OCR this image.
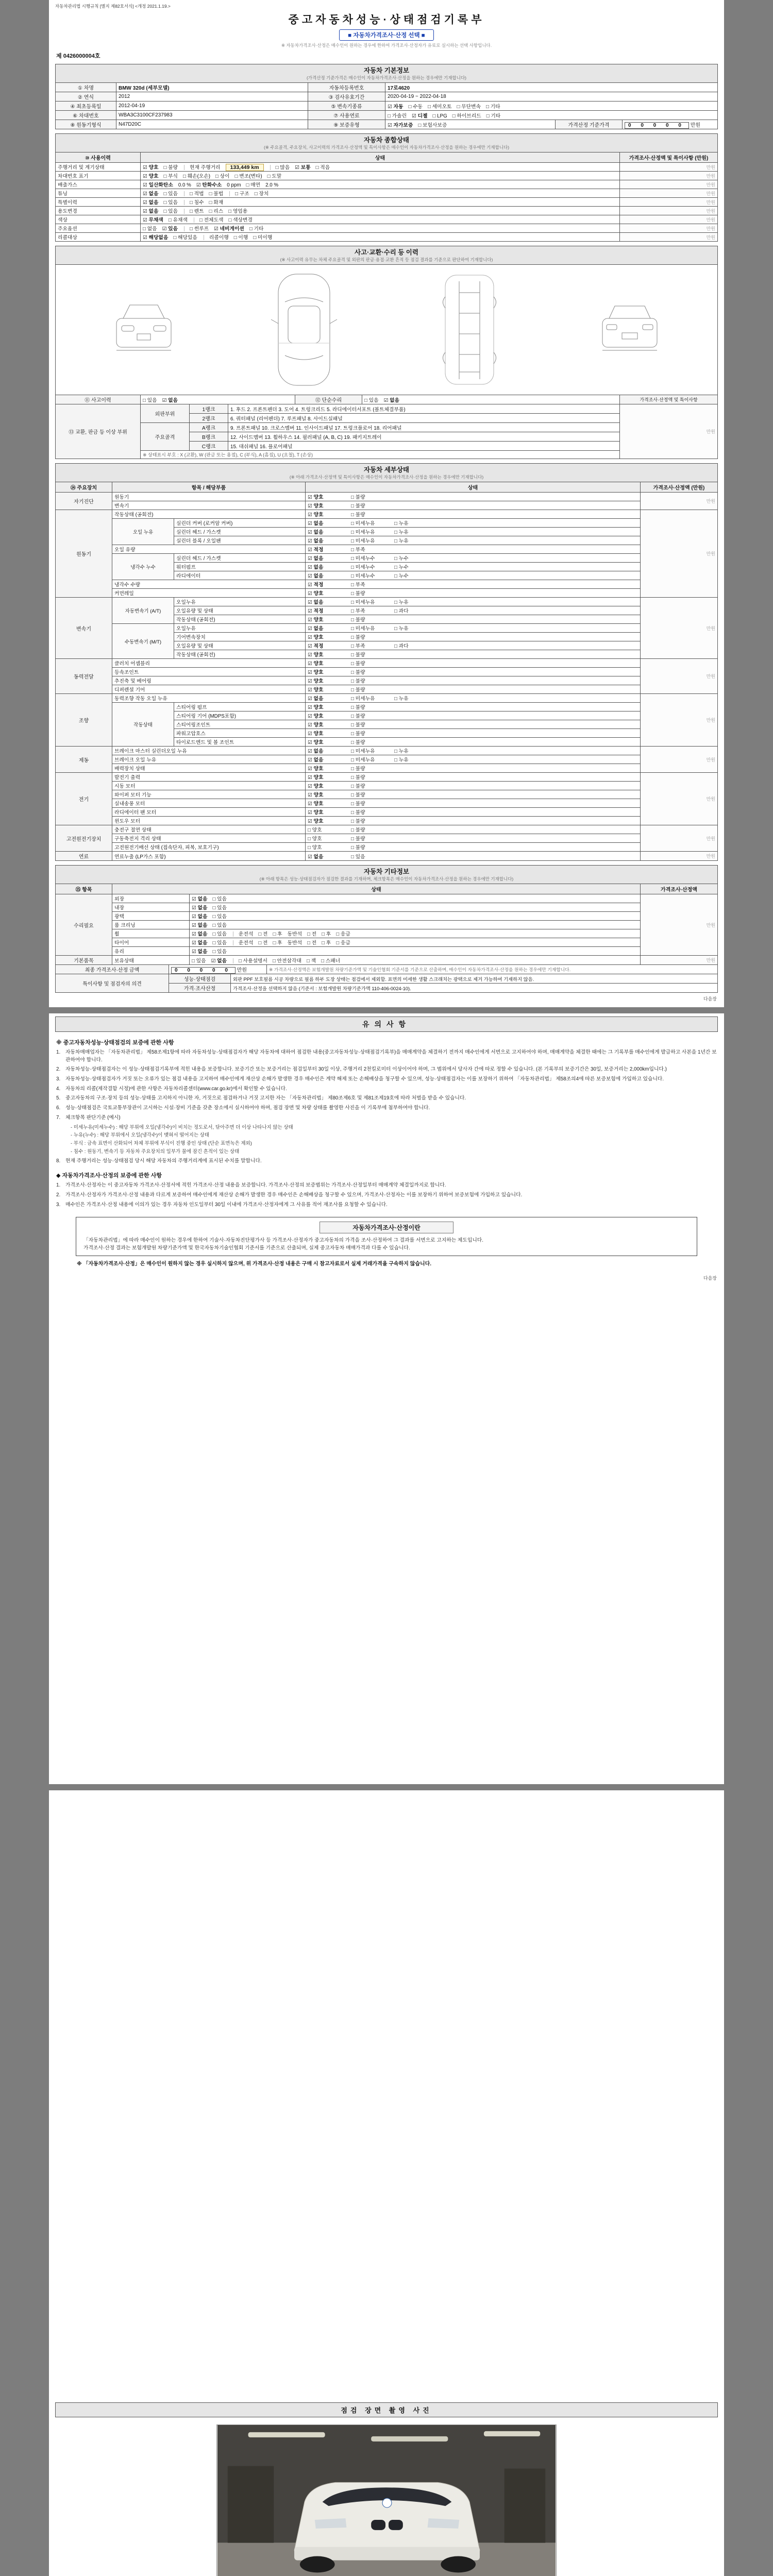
자동차관리법 시행규칙 [별지 제82호서식] <개정 2021.1.19.>
중고자동차성능·상태점검기록부
■ 자동차가격조사·산정 선택 ■
※ 자동차가격조사·산정은 매수인이 원하는 경우에 한하여 가격조사·산정자가 유료로 실시하는 선택 사항입니다.
제 0426000004호
자동차 기본정보
(가격산정 기준가격은 매수인이 자동차가격조사·산정을 원하는 경우에만 기재합니다)
① 차명	BMW 320d (세부모델)	자동차등록번호	17로4620		
② 연식	2012	③ 검사유효기간	2020-04-19 ~ 2022-04-18		
④ 최초등록일	2012-04-19	⑤ 변속기종류	☑ 자동 □ 수동 □ 세미오토 □ 무단변속 □ 기타		
⑥ 차대번호	WBA3C3100CF237983	⑦ 사용연료	□ 가솔린 ☑ 디젤 □ LPG □ 하이브리드 □ 기타		
⑧ 원동기형식	N47D20C	⑨ 보증유형	☑ 자가보증 □ 보험사보증	가격산정 기준가격	0 0 0 0 0 만원
자동차 종합상태
(※ 주요골격, 주요장치, 사고이력의 가격조사·산정액 및 특이사항은 매수인이 자동차가격조사·산정을 원하는 경우에만 기재합니다)
⑩ 사용이력	상태	가격조사·산정액 및 특이사항 (만원)
주행거리 및 계기상태	☑ 양호 □ 불량 현재 주행거리 133,449 km □ 많음 ☑ 보통 □ 적음	만원
차대번호 표기	☑ 양호 □ 부식 □ 훼손(오손) □ 상이 □ 변조(변타) □ 도말	만원
배출가스	☑ 일산화탄소 0.0 % ☑ 탄화수소 0 ppm □ 매연 2.0 %	만원
튜닝	☑ 없음 □ 있음 □ 적법 □ 불법 □ 구조 □ 장치	만원
특별이력	☑ 없음 □ 있음 □ 침수 □ 화재	만원
용도변경	☑ 없음 □ 있음 □ 렌트 □ 리스 □ 영업용	만원
색상	☑ 무채색 □ 유채색 □ 전체도색 □ 색상변경	만원
주요옵션	□ 없음 ☑ 있음 □ 썬루프 ☑ 네비게이션 □ 기타	만원
리콜대상	☑ 해당없음 □ 해당있음 리콜이행 □ 이행 □ 미이행	만원
사고·교환·수리 등 이력
(※ 사고이력 유무는 차체 주요골격 및 외판의 판금·용접·교환 흔적 등 점검 결과를 기준으로 판단하여 기재합니다)
⑪ 사고이력	□ 있음 ☑ 없음	⑫ 단순수리	□ 있음 ☑ 없음	가격조사·산정액 및 특이사항
⑬ 교환, 판금 등 이상 부위	외판부위	1랭크	1. 후드 2. 프론트펜더 3. 도어 4. 트렁크리드 5. 라디에이터서포트 (볼트체결부품)	만원
		2랭크	6. 쿼터패널 (리어펜더) 7. 루프패널 8. 사이드실패널	
	주요골격	A랭크	9. 프론트패널 10. 크로스멤버 11. 인사이드패널 17. 트렁크플로어 18. 리어패널	
		B랭크	12. 사이드멤버 13. 휠하우스 14. 필러패널 (A, B, C) 19. 패키지트레이	
		C랭크	15. 대쉬패널 16. 플로어패널	
	※ 상태표시 부호 : X (교환), W (판금 또는 용접), C (부식), A (흠집), U (요철), T (손상)			
자동차 세부상태
(※ 아래 가격조사·산정액 및 특이사항은 매수인이 자동차가격조사·산정을 원하는 경우에만 기재합니다)
⑭ 주요장치	항목 / 해당부품		상태	가격조사·산정액 (만원)
자기진단	원동기		☑ 양호 □ 불량	만원
	변속기		☑ 양호 □ 불량	
원동기	작동상태 (공회전)		☑ 양호 □ 불량	만원
	오일 누유	실린더 커버 (로커암 커버)	☑ 없음 □ 미세누유 □ 누유	
		실린더 헤드 / 가스켓	☑ 없음 □ 미세누유 □ 누유	
		실린더 블록 / 오일팬	☑ 없음 □ 미세누유 □ 누유	
	오일 유량		☑ 적정 □ 부족	
	냉각수 누수	실린더 헤드 / 가스켓	☑ 없음 □ 미세누수 □ 누수	
		워터펌프	☑ 없음 □ 미세누수 □ 누수	
		라디에이터	☑ 없음 □ 미세누수 □ 누수	
	냉각수 수량		☑ 적정 □ 부족	
	커먼레일		☑ 양호 □ 불량	
변속기	자동변속기 (A/T)	오일누유	☑ 없음 □ 미세누유 □ 누유	만원
		오일유량 및 상태	☑ 적정 □ 부족 □ 과다	
		작동상태 (공회전)	☑ 양호 □ 불량	
	수동변속기 (M/T)	오일누유	☑ 없음 □ 미세누유 □ 누유	
		기어변속장치	☑ 양호 □ 불량	
		오일유량 및 상태	☑ 적정 □ 부족 □ 과다	
		작동상태 (공회전)	☑ 양호 □ 불량	
동력전달	클러치 어셈블리		☑ 양호 □ 불량	만원
	등속조인트		☑ 양호 □ 불량	
	추진축 및 베어링		☑ 양호 □ 불량	
	디퍼렌셜 기어		☑ 양호 □ 불량	
조향	동력조향 작동 오일 누유		☑ 없음 □ 미세누유 □ 누유	만원
	작동상태	스티어링 펌프	☑ 양호 □ 불량	
		스티어링 기어 (MDPS포함)	☑ 양호 □ 불량	
		스티어링조인트	☑ 양호 □ 불량	
		파워고압호스	☑ 양호 □ 불량	
		타이로드엔드 및 볼 조인트	☑ 양호 □ 불량	
제동	브레이크 마스터 실린더오일 누유		☑ 없음 □ 미세누유 □ 누유	만원
	브레이크 오일 누유		☑ 없음 □ 미세누유 □ 누유	
	배력장치 상태		☑ 양호 □ 불량	
전기	발전기 출력		☑ 양호 □ 불량	만원
	시동 모터		☑ 양호 □ 불량	
	와이퍼 모터 기능		☑ 양호 □ 불량	
	실내송풍 모터		☑ 양호 □ 불량	
	라디에이터 팬 모터		☑ 양호 □ 불량	
	윈도우 모터		☑ 양호 □ 불량	
고전원전기장치	충전구 절연 상태		□ 양호 □ 불량	만원
	구동축전지 격리 상태		□ 양호 □ 불량	
	고전원전기배선 상태 (접속단자, 피복, 보호기구)		□ 양호 □ 불량	
연료	연료누출 (LP가스 포함)		☑ 없음 □ 있음	만원
자동차 기타정보
(※ 아래 항목은 성능·상태점검자가 점검한 결과를 기재하며, 체크항목은 매수인이 자동차가격조사·산정을 원하는 경우에만 기재합니다)
⑮ 항목	상태		가격조사·산정액
수리필요	외장	☑ 없음 □ 있음	만원
	내장	☑ 없음 □ 있음	
	광택	☑ 없음 □ 있음	
	룸 크리닝	☑ 없음 □ 있음	
	휠	☑ 없음 □ 있음 운전석 □ 전 □ 후 동반석 □ 전 □ 후 □ 응급	
	타이어	☑ 없음 □ 있음 운전석 □ 전 □ 후 동반석 □ 전 □ 후 □ 응급	
	유리	☑ 없음 □ 있음	
기본품목	보유상태	□ 있음 ☑ 없음 □ 사용설명서 □ 안전삼각대 □ 잭 □ 스패너	만원
최종 가격조사·산정 금액	0 0 0 0 0 만원	※ 가격조사·산정액은 보험개발원 차량기준가액 및 기술인협회 기준서를 기준으로 산출하며, 매수인이 자동차가격조사·산정을 원하는 경우에만 기재합니다.
특이사항 및 점검자의 의견	성능·상태점검	외판 PPF 보호필름 시공 차량으로 필름 하부 도장 상태는 점검에서 제외함. 표면의 미세한 생활 스크래치는 광택으로 제거 가능하여 기재하지 않음.
	가격·조사산정	가격조사·산정을 선택하지 않음 (기준서 : 보험개발원 차량기준가액 110-406-0024-10).
다음장
유의사항
※ 중고자동차성능·상태점검의 보증에 관한 사항
1.	자동차매매업자는 「자동차관리법」 제58조제1항에 따라 자동차성능·상태점검자가 해당 자동차에 대하여 점검한 내용(중고자동차성능·상태점검기록부)을 매매계약을 체결하기 전까지 매수인에게 서면으로 고지하여야 하며, 매매계약을 체결한 때에는 그 기록부를 매수인에게 발급하고 사본을 1년간 보관하여야 합니다.
2.	자동차성능·상태점검자는 이 성능·상태점검기록부에 적힌 내용을 보증합니다. 보증기간 또는 보증거리는 점검일부터 30일 이상, 주행거리 2천킬로미터 이상이어야 하며, 그 범위에서 당사자 간에 따로 정할 수 있습니다. (본 기록부의 보증기간은 30일, 보증거리는 2,000km입니다.)
3.	자동차성능·상태점검자가 거짓 또는 오류가 있는 점검 내용을 고지하여 매수인에게 재산상 손해가 발생한 경우 매수인은 계약 해제 또는 손해배상을 청구할 수 있으며, 성능·상태점검자는 이를 보장하기 위하여 「자동차관리법」 제58조의4에 따른 보증보험에 가입하고 있습니다.
4.	자동차의 리콜(제작결함 시정)에 관한 사항은 자동차리콜센터(www.car.go.kr)에서 확인할 수 있습니다.
5.	중고자동차의 구조·장치 등의 성능·상태를 고지하지 아니한 자, 거짓으로 점검하거나 거짓 고지한 자는 「자동차관리법」 제80조제6호 및 제81조제19호에 따라 처벌을 받을 수 있습니다.
6.	성능·상태점검은 국토교통부장관이 고시하는 시설·장비 기준을 갖춘 장소에서 실시하여야 하며, 점검 장면 및 차량 상태를 촬영한 사진을 이 기록부에 첨부하여야 합니다.
7.	체크항목 판단기준 (예시)
- 미세누유(미세누수) : 해당 부위에 오일(냉각수)이 비치는 정도로서, 닦아주면 더 이상 나타나지 않는 상태
- 누유(누수) : 해당 부위에서 오일(냉각수)이 맺혀서 떨어지는 상태
- 부식 : 금속 표면이 산화되어 차체 부위에 부식이 진행 중인 상태 (단순 표면녹은 제외)
- 침수 : 원동기, 변속기 등 자동차 주요장치의 일부가 물에 잠긴 흔적이 있는 상태
8.	현재 주행거리는 성능·상태점검 당시 해당 자동차의 주행거리계에 표시된 수치를 말합니다.
◆ 자동차가격조사·산정의 보증에 관한 사항
1.	가격조사·산정자는 이 중고자동차 가격조사·산정서에 적힌 가격조사·산정 내용을 보증합니다. 가격조사·산정의 보증범위는 가격조사·산정일부터 매매계약 체결일까지로 합니다.
2.	가격조사·산정자가 가격조사·산정 내용과 다르게 보증하여 매수인에게 재산상 손해가 발생한 경우 매수인은 손해배상을 청구할 수 있으며, 가격조사·산정자는 이를 보장하기 위하여 보증보험에 가입하고 있습니다.
3.	매수인은 가격조사·산정 내용에 이의가 있는 경우 자동차 인도일부터 30일 이내에 가격조사·산정자에게 그 사유를 적어 재조사를 요청할 수 있습니다.
자동차가격조사·산정이란
「자동차관리법」에 따라 매수인이 원하는 경우에 한하여 기술사·자동차진단평가사 등 가격조사·산정자가 중고자동차의 가격을 조사·산정하여 그 결과를 서면으로 고지하는 제도입니다.
가격조사·산정 결과는 보험개발원 차량기준가액 및 한국자동차기술인협회 기준서를 기준으로 산출되며, 실제 중고자동차 매매가격과 다를 수 있습니다.
※ 「자동차가격조사·산정」은 매수인이 원하지 않는 경우 실시하지 않으며, 위 가격조사·산정 내용은 구매 시 참고자료로서 실제 거래가격을 구속하지 않습니다.
다음장
점검 장면 촬영 사진
